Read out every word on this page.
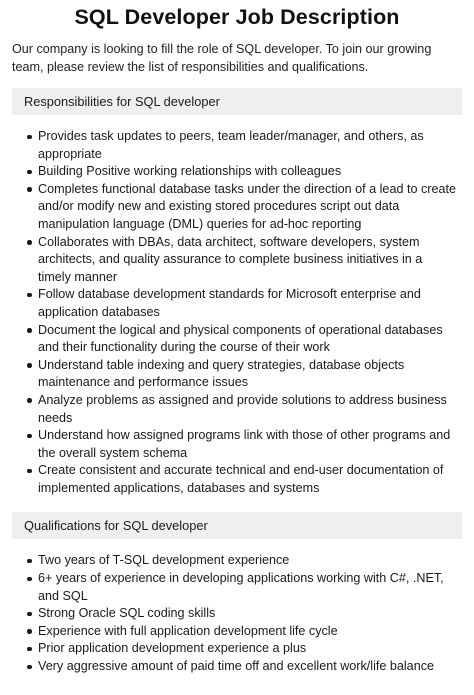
SQL Developer Job Description

Our company is looking to fill the role of SQL developer. To join our growing team, please review the list of responsibilities and qualifications.

Responsibilities for SQL developer
Provides task updates to peers, team leader/manager, and others, as appropriate
Building Positive working relationships with colleagues
Completes functional database tasks under the direction of a lead to create and/or modify new and existing stored procedures script out data manipulation language (DML) queries for ad-hoc reporting
Collaborates with DBAs, data architect, software developers, system architects, and quality assurance to complete business initiatives in a timely manner
Follow database development standards for Microsoft enterprise and application databases
Document the logical and physical components of operational databases and their functionality during the course of their work
Understand table indexing and query strategies, database objects maintenance and performance issues
Analyze problems as assigned and provide solutions to address business needs
Understand how assigned programs link with those of other programs and the overall system schema
Create consistent and accurate technical and end-user documentation of implemented applications, databases and systems
Qualifications for SQL developer
Two years of T-SQL development experience
6+ years of experience in developing applications working with C#, .NET, and SQL
Strong Oracle SQL coding skills
Experience with full application development life cycle
Prior application development experience a plus
Very aggressive amount of paid time off and excellent work/life balance
